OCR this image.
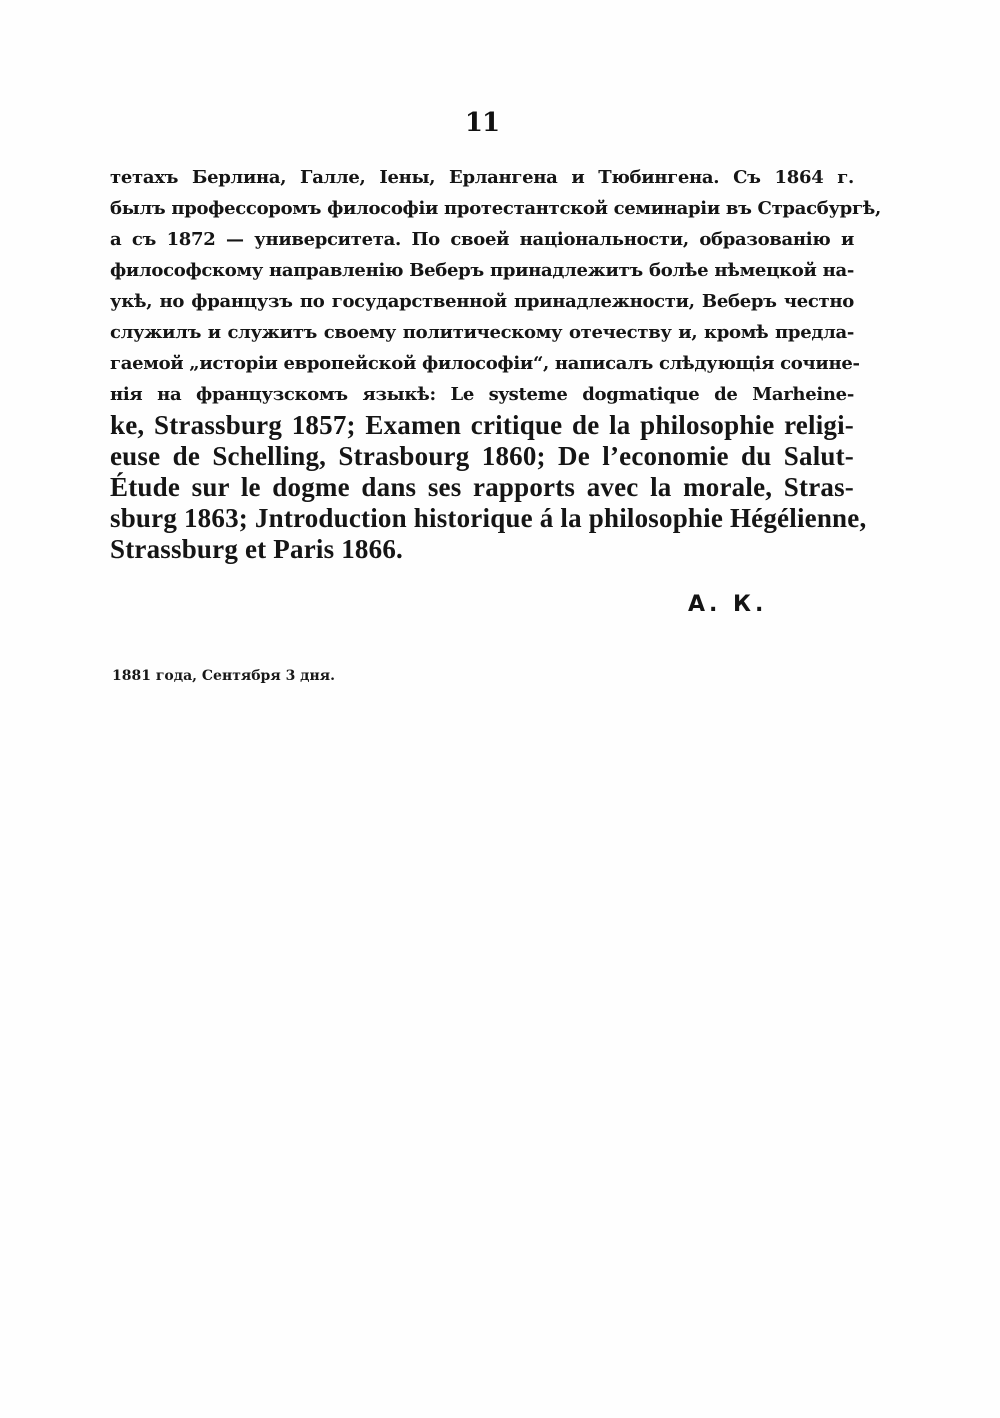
11
тетахъ Берлина, Галле, Іены, Ерлангена и Тюбингена. Съ 1864 г.
былъ профессоромъ философіи протестантской семинаріи въ Страсбургѣ,
а съ 1872 — университета. По своей національности, образованію и
философскому направленію Веберъ принадлежитъ болѣе нѣмецкой на-
укѣ, но французъ по государственной принадлежности, Веберъ честно
служилъ и служитъ своему политическому отечеству и, кромѣ предла-
гаемой „исторіи европейской философіи“, написалъ слѣдующія сочине-
нія на французскомъ языкѣ: Le systeme dogmatique de Marheine-
ke, Strassburg 1857; Examen critique de la philosophie religi-
euse de Schelling, Strasbourg 1860; De l’economie du Salut-
Étude sur le dogme dans ses rapports avec la morale, Stras-
sburg 1863; Jntroduction historique á la philosophie Hégélienne,
Strassburg et Paris 1866.
А. К.
1881 года, Сентября 3 дня.
